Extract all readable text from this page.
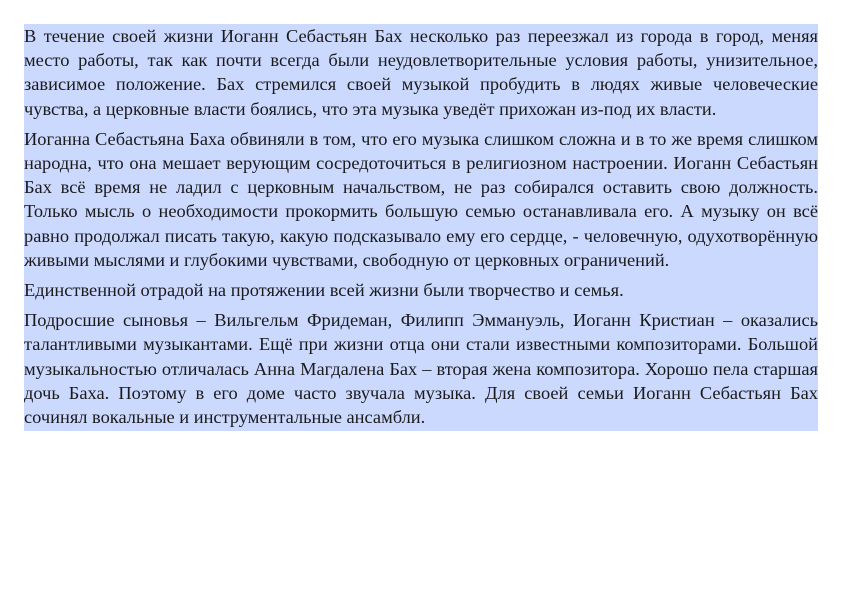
В течение своей жизни Иоганн Себастьян Бах несколько раз переезжал из города в город, меняя место работы, так как почти всегда были неудовлетворительные условия работы, унизительное, зависимое положение. Бах стремился своей музыкой пробудить в людях живые человеческие чувства, а церковные власти боялись, что эта музыка уведёт прихожан из-под их власти.

Иоганна Себастьяна Баха обвиняли в том, что его музыка слишком сложна и в то же время слишком народна, что она мешает верующим сосредоточиться в религиозном настроении. Иоганн Себастьян Бах всё время не ладил с церковным начальством, не раз собирался оставить свою должность. Только мысль о необходимости прокормить большую семью останавливала его. А музыку он всё равно продолжал писать такую, какую подсказывало ему его сердце, - человечную, одухотворённую живыми мыслями и глубокими чувствами, свободную от церковных ограничений.

Единственной отрадой на протяжении всей жизни были творчество и семья.

Подросшие сыновья – Вильгельм Фридеман, Филипп Эммануэль, Иоганн Кристиан – оказались талантливыми музыкантами. Ещё при жизни отца они стали известными композиторами. Большой музыкальностью отличалась Анна Магдалена Бах – вторая жена композитора. Хорошо пела старшая дочь Баха. Поэтому в его доме часто звучала музыка. Для своей семьи Иоганн Себастьян Бах сочинял вокальные и инструментальные ансамбли.
